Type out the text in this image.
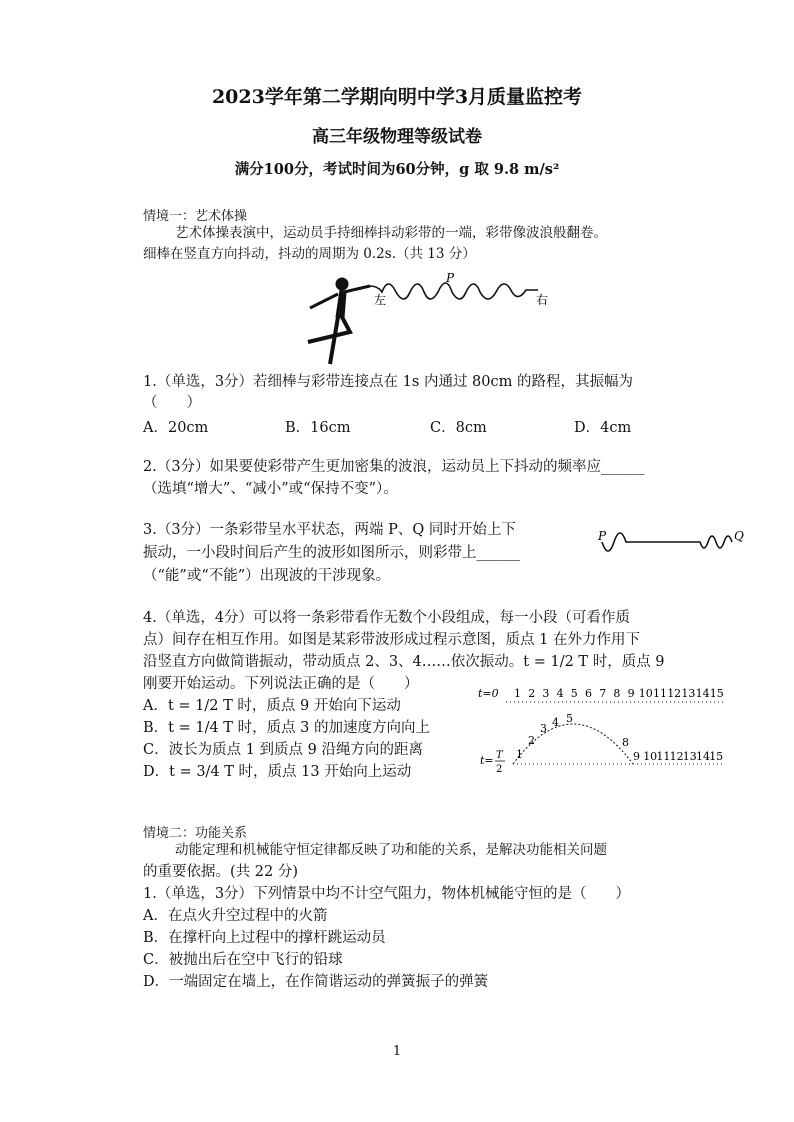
2023学年第二学期向明中学3月质量监控考
高三年级物理等级试卷
满分100分，考试时间为60分钟，g 取 9.8 m/s²
情境一：艺术体操
艺术体操表演中，运动员手持细棒抖动彩带的一端，彩带像波浪般翻卷。
细棒在竖直方向抖动，抖动的周期为 0.2s.（共 13 分）
左
P
右
1.（单选，3分）若细棒与彩带连接点在 1s 内通过 80cm 的路程，其振幅为
（　　）
A．20cm	B．16cm	C．8cm	D．4cm
2.（3分）如果要使彩带产生更加密集的波浪，运动员上下抖动的频率应______
（选填“增大”、“减小”或“保持不变”）。
3.（3分）一条彩带呈水平状态，两端 P、Q 同时开始上下
振动，一小段时间后产生的波形如图所示，则彩带上______
（“能”或“不能”）出现波的干涉现象。
P	Q
4.（单选，4分）可以将一条彩带看作无数个小段组成，每一小段（可看作质
点）间存在相互作用。如图是某彩带波形成过程示意图，质点 1 在外力作用下
沿竖直方向做简谐振动，带动质点 2、3、4……依次振动。t = 1/2 T 时，质点 9
刚要开始运动。下列说法正确的是（　　）
A．t = 1/2 T 时，质点 9 开始向下运动
B．t = 1/4 T 时，质点 3 的加速度方向向上
C．波长为质点 1 到质点 9 沿绳方向的距离
D．t = 3/4 T 时，质点 13 开始向上运动
t=0 1 2 3 4 5 6 7 8 9 10 11 12 13 14 15
1
2
3 4 5
8
9 10 11 12 13 14 15
t= T
2
情境二：功能关系
动能定理和机械能守恒定律都反映了功和能的关系，是解决功能相关问题
的重要依据。(共 22 分)
1.（单选，3分）下列情景中均不计空气阻力，物体机械能守恒的是（　　）
A．在点火升空过程中的火箭
B．在撑杆向上过程中的撑杆跳运动员
C．被抛出后在空中飞行的铅球
D．一端固定在墙上，在作简谐运动的弹簧振子的弹簧
1
